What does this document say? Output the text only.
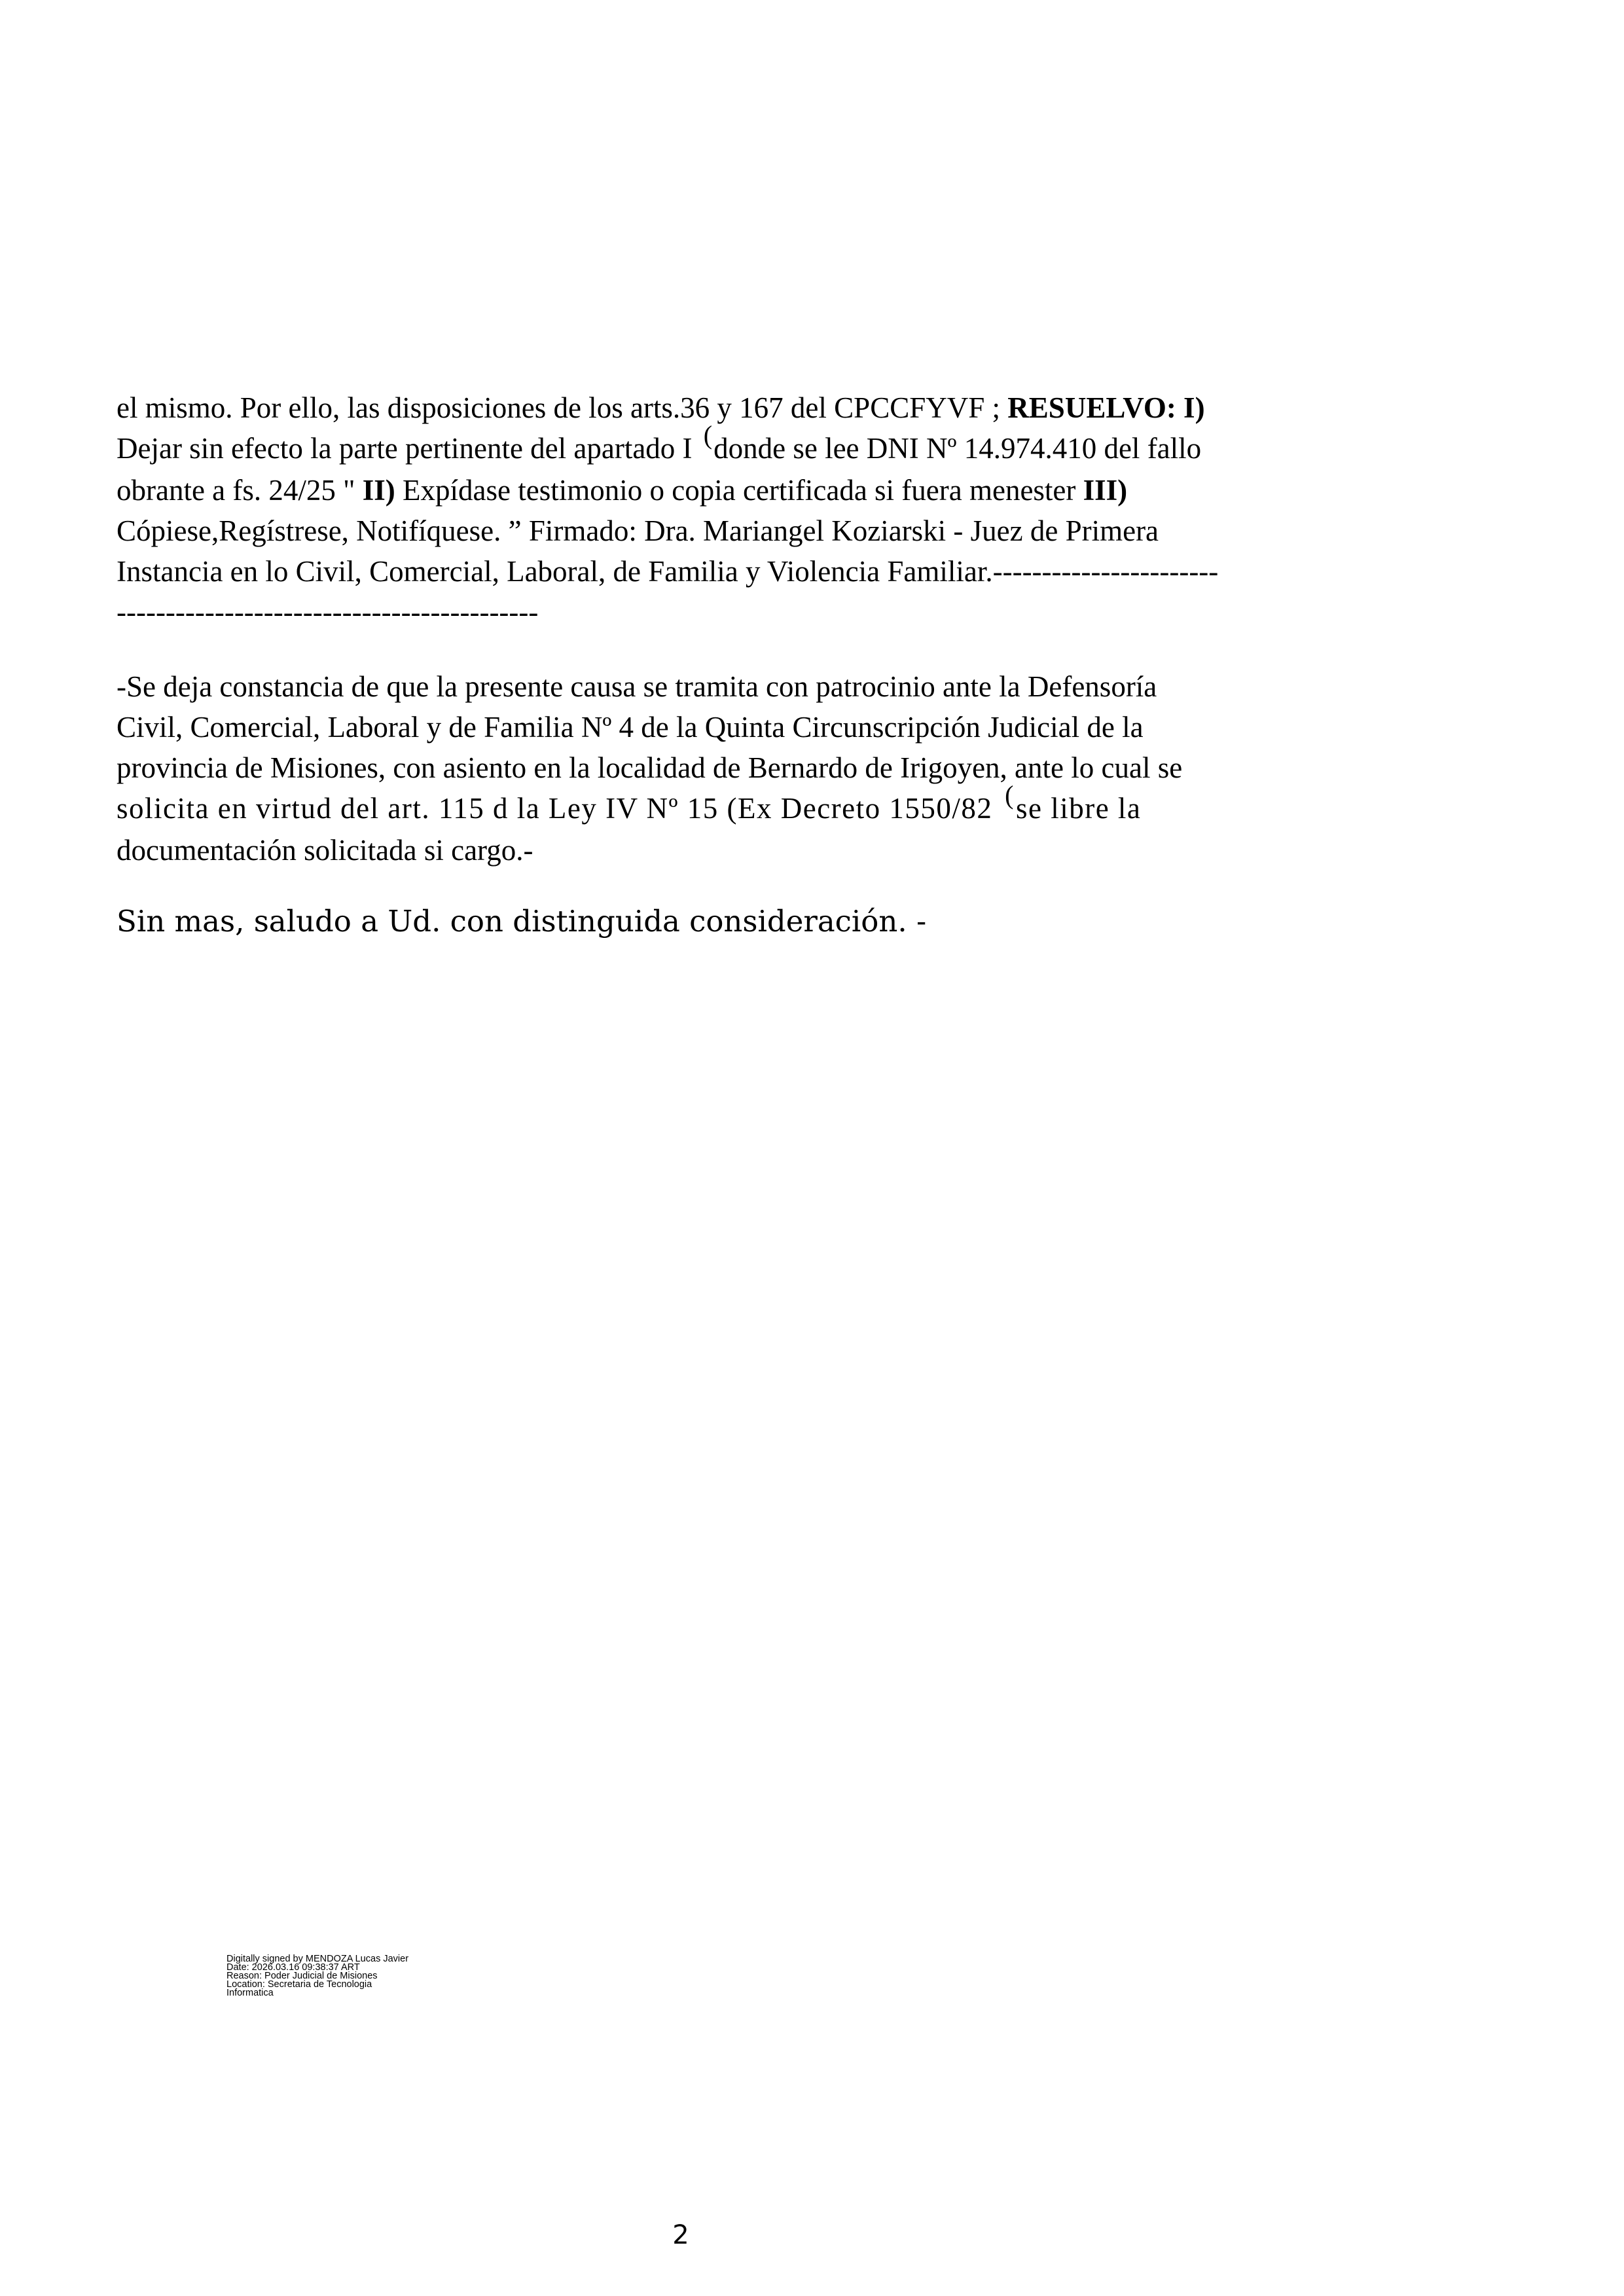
el mismo. Por ello, las disposiciones de los arts.36 y 167 del CPCCFYVF ; RESUELVO: I)
Dejar sin efecto la parte pertinente del apartado I (donde se lee DNI Nº 14.974.410 del fallo
obrante a fs. 24/25 " II) Expídase testimonio o copia certificada si fuera menester III)
Cópiese,Regístrese, Notifíquese. ” Firmado: Dra. Mariangel Koziarski - Juez de Primera
Instancia en lo Civil, Comercial, Laboral, de Familia y Violencia Familiar.-----------------------
-------------------------------------------
-Se deja constancia de que la presente causa se tramita con patrocinio ante la Defensoría
Civil, Comercial, Laboral y de Familia Nº 4 de la Quinta Circunscripción Judicial de la
provincia de Misiones, con asiento en la localidad de Bernardo de Irigoyen, ante lo cual se
solicita en virtud del art. 115 d la Ley IV Nº 15 (Ex Decreto 1550/82 (se libre la
documentación solicitada si cargo.-

Sin mas, saludo a Ud. con distinguida consideración. -

Digitally signed by MENDOZA Lucas Javier
Date: 2026.03.16 09:38:37 ART
Reason: Poder Judicial de Misiones
Location: Secretaria de Tecnologia
Informatica

2
